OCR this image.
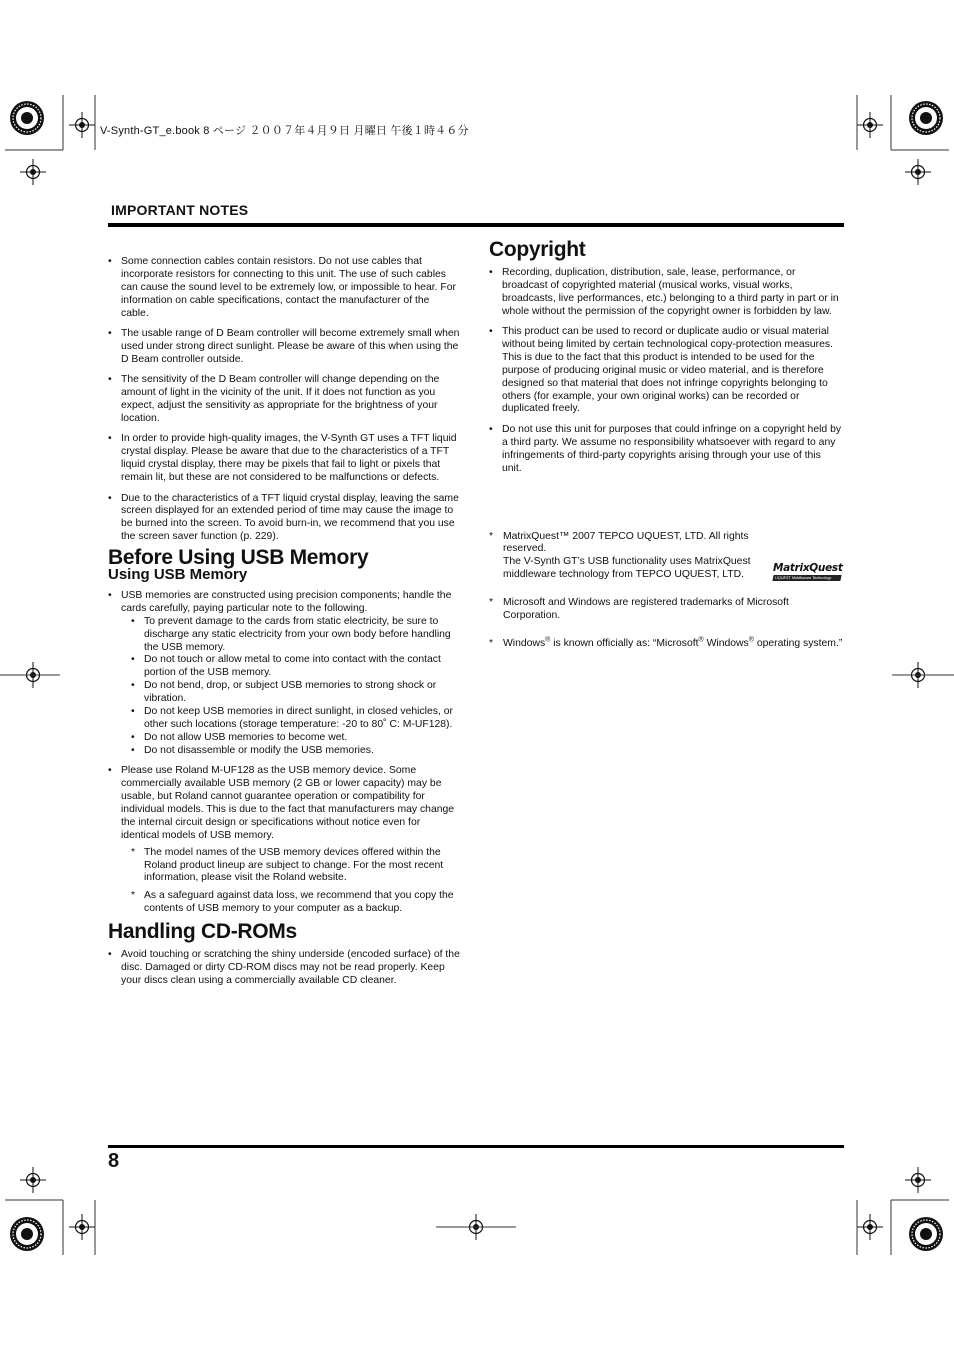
V-Synth-GT_e.book 8 ページ ２００７年４月９日 月曜日 午後１時４６分
IMPORTANT NOTES
• Some connection cables contain resistors. Do not use cables that incorporate resistors for connecting to this unit. The use of such cables can cause the sound level to be extremely low, or impossible to hear. For information on cable specifications, contact the manufacturer of the cable.
• The usable range of D Beam controller will become extremely small when used under strong direct sunlight. Please be aware of this when using the D Beam controller outside.
• The sensitivity of the D Beam controller will change depending on the amount of light in the vicinity of the unit. If it does not function as you expect, adjust the sensitivity as appropriate for the brightness of your location.
• In order to provide high-quality images, the V-Synth GT uses a TFT liquid crystal display. Please be aware that due to the characteristics of a TFT liquid crystal display, there may be pixels that fail to light or pixels that remain lit, but these are not considered to be malfunctions or defects.
• Due to the characteristics of a TFT liquid crystal display, leaving the same screen displayed for an extended period of time may cause the image to be burned into the screen. To avoid burn-in, we recommend that you use the screen saver function (p. 229).
Before Using USB Memory
Using USB Memory
• USB memories are constructed using precision components; handle the cards carefully, paying particular note to the following.
• To prevent damage to the cards from static electricity, be sure to discharge any static electricity from your own body before handling the USB memory.
• Do not touch or allow metal to come into contact with the contact portion of the USB memory.
• Do not bend, drop, or subject USB memories to strong shock or vibration.
• Do not keep USB memories in direct sunlight, in closed vehicles, or other such locations (storage temperature: -20 to 80˚ C: M-UF128).
• Do not allow USB memories to become wet.
• Do not disassemble or modify the USB memories.
• Please use Roland M-UF128 as the USB memory device. Some commercially available USB memory (2 GB or lower capacity) may be usable, but Roland cannot guarantee operation or compatibility for individual models. This is due to the fact that manufacturers may change the internal circuit design or specifications without notice even for identical models of USB memory.
* The model names of the USB memory devices offered within the Roland product lineup are subject to change. For the most recent information, please visit the Roland website.
* As a safeguard against data loss, we recommend that you copy the contents of USB memory to your computer as a backup.
Handling CD-ROMs
• Avoid touching or scratching the shiny underside (encoded surface) of the disc. Damaged or dirty CD-ROM discs may not be read properly. Keep your discs clean using a commercially available CD cleaner.
Copyright
• Recording, duplication, distribution, sale, lease, performance, or broadcast of copyrighted material (musical works, visual works, broadcasts, live performances, etc.) belonging to a third party in part or in whole without the permission of the copyright owner is forbidden by law.
• This product can be used to record or duplicate audio or visual material without being limited by certain technological copy-protection measures. This is due to the fact that this product is intended to be used for the purpose of producing original music or video material, and is therefore designed so that material that does not infringe copyrights belonging to others (for example, your own original works) can be recorded or duplicated freely.
• Do not use this unit for purposes that could infringe on a copyright held by a third party. We assume no responsibility whatsoever with regard to any infringements of third-party copyrights arising through your use of this unit.
* MatrixQuest™ 2007 TEPCO UQUEST, LTD. All rights reserved.
The V-Synth GT’s USB functionality uses MatrixQuest middleware technology from TEPCO UQUEST, LTD.
* Microsoft and Windows are registered trademarks of Microsoft Corporation.
* Windows® is known officially as: “Microsoft® Windows® operating system.”
MatrixQuest
UQUEST Middleware Technology
8
